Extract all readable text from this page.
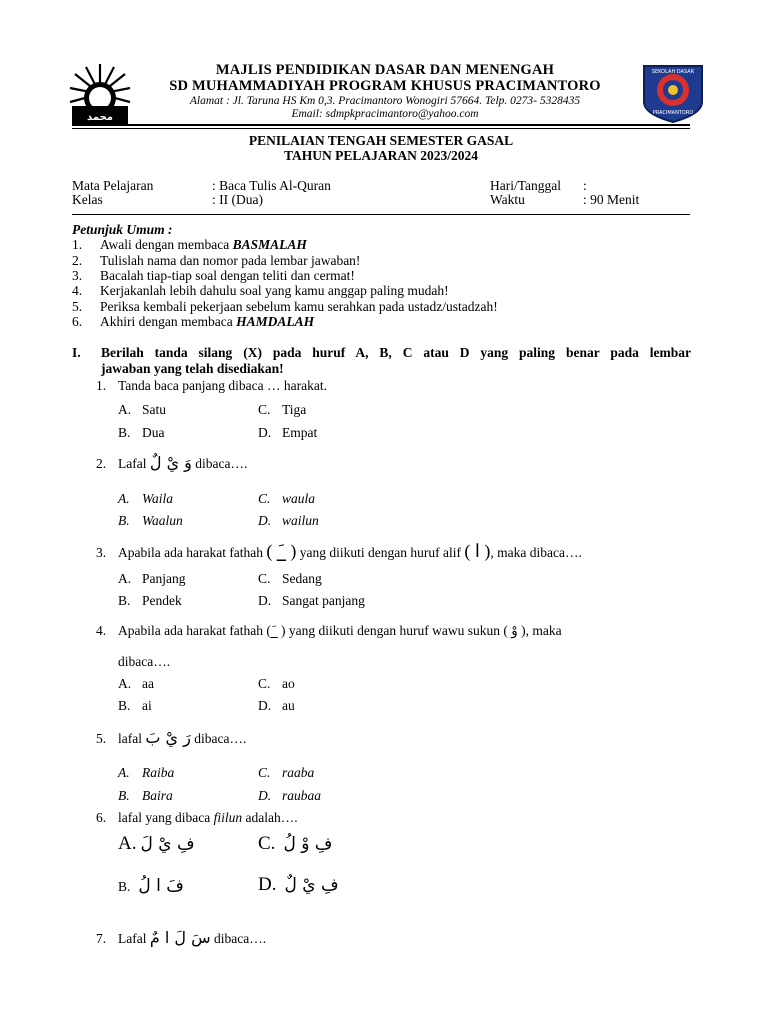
ﻣﺤﻤﺪ
SEKOLAH DASAR
PRACIMANTORO
MAJLIS PENDIDIKAN DASAR DAN MENENGAH
SD MUHAMMADIYAH PROGRAM KHUSUS PRACIMANTORO
Alamat : Jl. Taruna HS Km 0,3. Pracimantoro Wonogiri 57664. Telp. 0273- 5328435
Email: sdmpkpracimantoro@yahoo.com
PENILAIAN TENGAH SEMESTER GASAL
TAHUN PELAJARAN 2023/2024
Mata Pelajaran	: Baca Tulis Al-Quran	Hari/Tanggal :
Kelas	: II (Dua)	Waktu	: 90 Menit
Petunjuk Umum :
1. Awali dengan membaca BASMALAH
2. Tulislah nama dan nomor pada lembar jawaban!
3. Bacalah tiap-tiap soal dengan teliti dan cermat!
4. Kerjakanlah lebih dahulu soal yang kamu anggap paling mudah!
5. Periksa kembali pekerjaan sebelum kamu serahkan pada ustadz/ustadzah!
6. Akhiri dengan membaca HAMDALAH
I. Berilah tanda silang (X) pada huruf A, B, C atau D yang paling benar pada lembar
jawaban yang telah disediakan!
1. Tanda baca panjang dibaca … harakat.
A. Satu	C. Tiga
B. Dua	D. Empat
2. Lafal وَ يْ لٌ dibaca….
A. Waila	C. waula
B. Waalun	D. wailun
3. Apabila ada harakat fathah ( _َ ) yang diikuti dengan huruf alif ( ا ), maka dibaca….
A. Panjang	C. Sedang
B. Pendek	D. Sangat panjang
4. Apabila ada harakat fathah (_َ ) yang diikuti dengan huruf wawu sukun ( وْ ), maka
dibaca….
A. aa	C. ao
B. ai	D. au
5. lafal رَ يْ بَ dibaca….
A. Raiba	C. raaba
B. Baira	D. raubaa
6. lafal yang dibaca fiilun adalah….
A. فِ يْ لَ	C. فِ وْ لُ
B. فَ ا لُ	D. فِ يْ لٌ
7. Lafal سَ لَ ا مٌ dibaca….
